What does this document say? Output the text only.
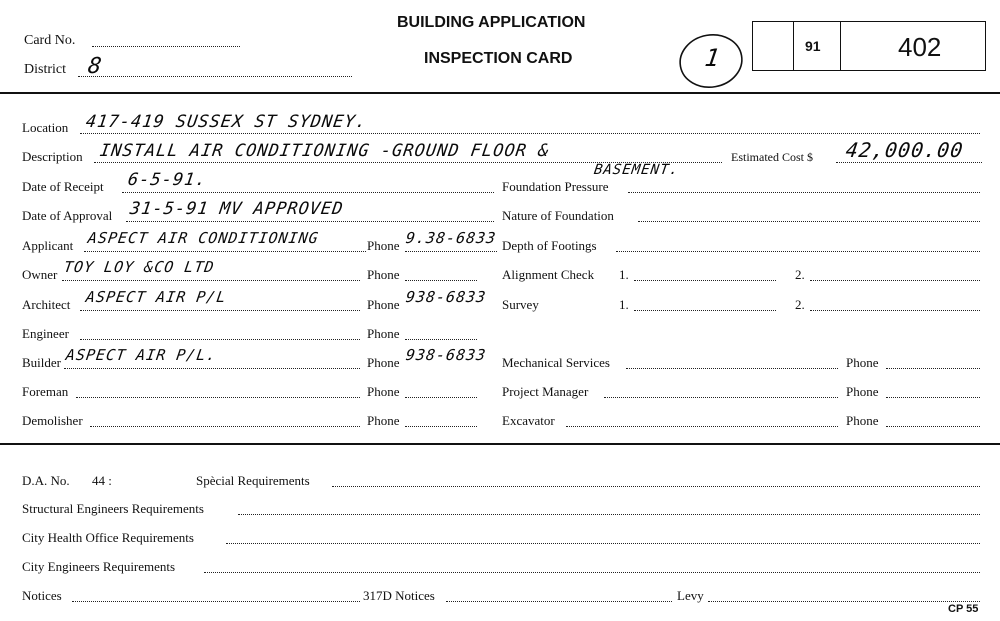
Card No.
District 8
BUILDING APPLICATION
INSPECTION CARD	1	91	402
Location 417-419 SUSSEX ST SYDNEY.
Description INSTALL AIR CONDITIONING -GROUND FLOOR &	Estimated Cost $ 42,000.00
BASEMENT.
Date of Receipt 6-5-91.	Foundation Pressure
Date of Approval 31-5-91 MV APPROVED	Nature of Foundation
Applicant ASPECT AIR CONDITIONING	Phone 9.38-6833 Depth of Footings
Owner TOY LOY &CO LTD	Phone	Alignment Check 1.	2.
Architect ASPECT AIR P/L	Phone 938-6833 Survey	1.	2.
Engineer	Phone
Builder ASPECT AIR P/L.	Phone 938-6833 Mechanical Services	Phone
Foreman	Phone	Project Manager	Phone
Demolisher	Phone	Excavator	Phone
D.A. No. 44 :	Spècial Requirements
Structural Engineers Requirements
City Health Office Requirements
City Engineers Requirements
Notices	317D Notices	Levy
CP 55
